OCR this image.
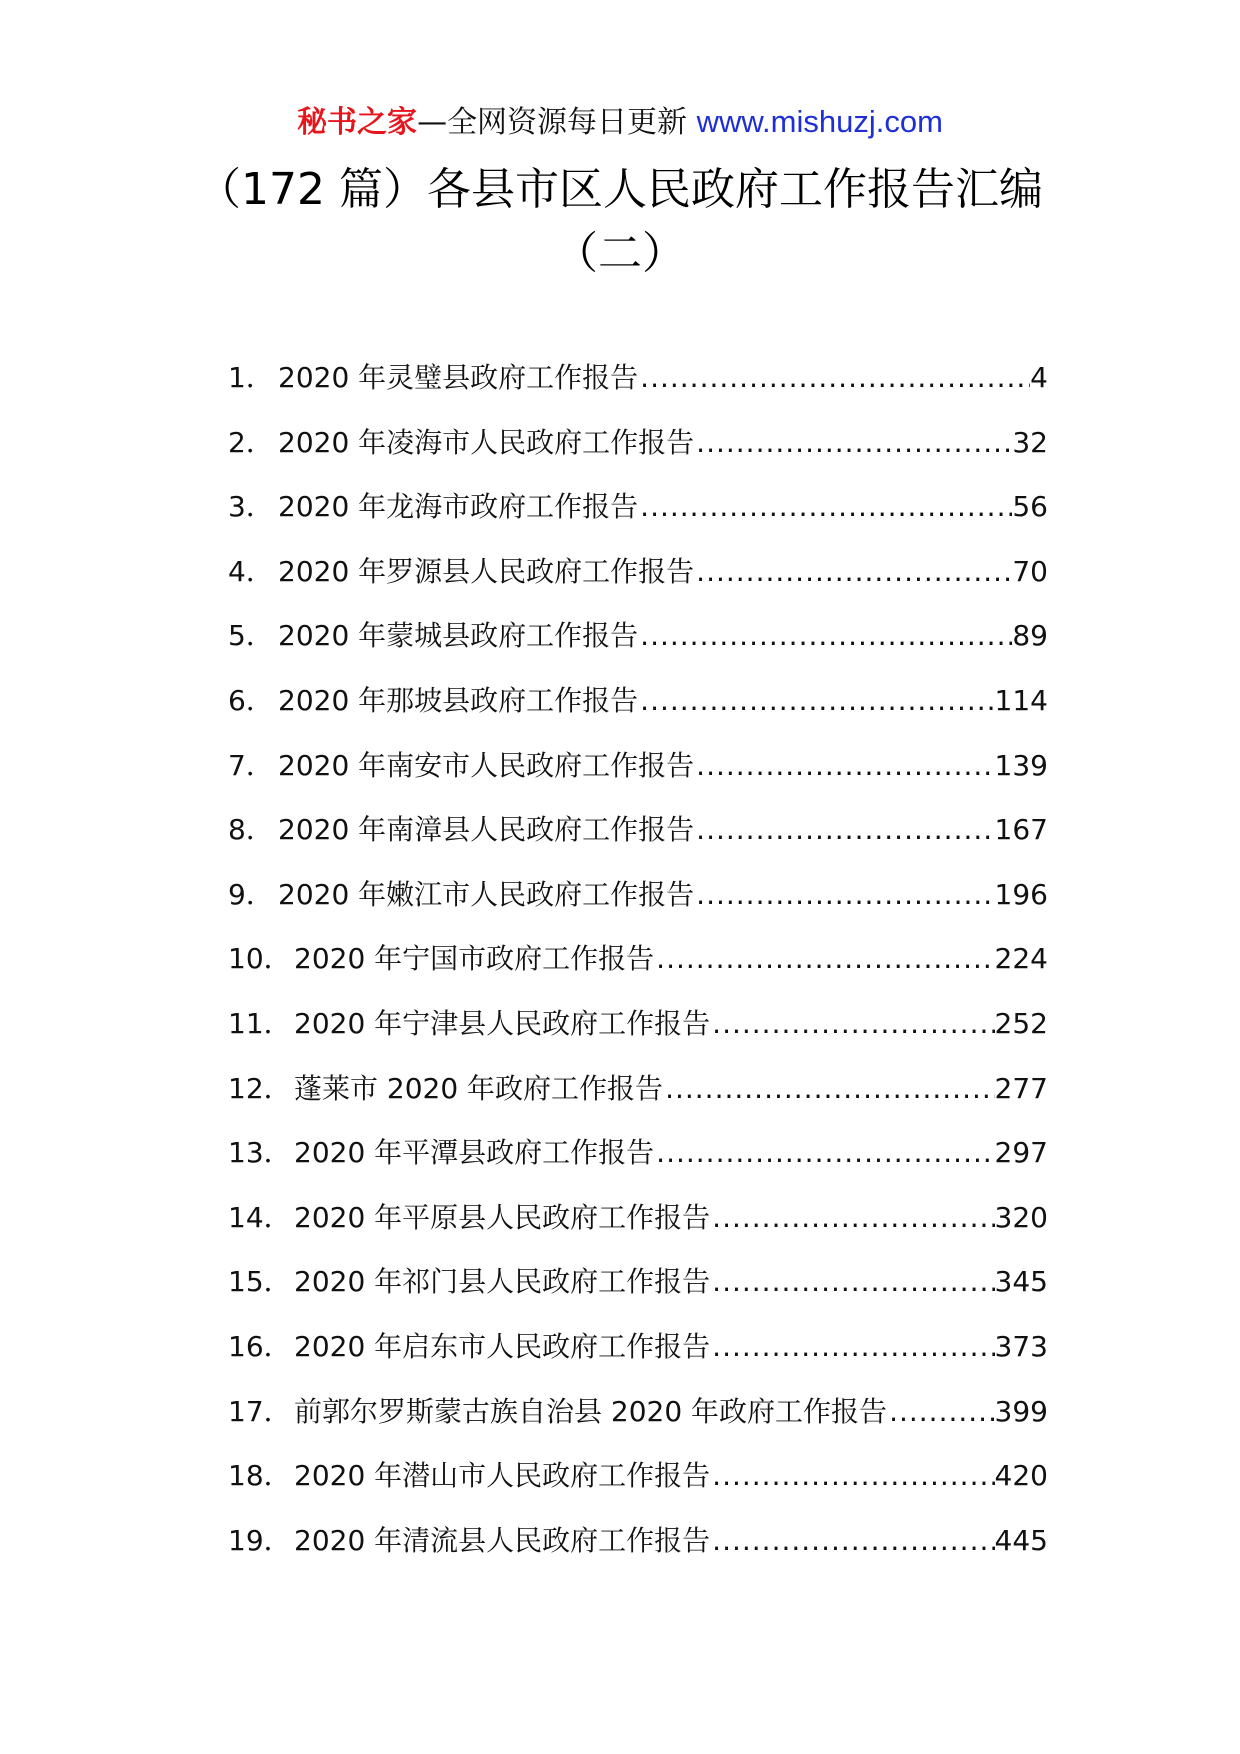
秘书之家—全网资源每日更新 www.mishuzj.com
（172 篇）各县市区人民政府工作报告汇编（二）
1． 2020 年灵璧县政府工作报告 .....	4
2． 2020 年凌海市人民政府工作报告 .....	32
3． 2020 年龙海市政府工作报告 .....	56
4． 2020 年罗源县人民政府工作报告 .....	70
5． 2020 年蒙城县政府工作报告 .....	89
6． 2020 年那坡县政府工作报告 .....	114
7． 2020 年南安市人民政府工作报告 .....	139
8． 2020 年南漳县人民政府工作报告 .....	167
9． 2020 年嫩江市人民政府工作报告 .....	196
10． 2020 年宁国市政府工作报告 .....	224
11． 2020 年宁津县人民政府工作报告 .....	252
12． 蓬莱市 2020 年政府工作报告 .....	277
13． 2020 年平潭县政府工作报告 .....	297
14． 2020 年平原县人民政府工作报告 .....	320
15． 2020 年祁门县人民政府工作报告 .....	345
16． 2020 年启东市人民政府工作报告 .....	373
17． 前郭尔罗斯蒙古族自治县 2020 年政府工作报告 .....	399
18． 2020 年潜山市人民政府工作报告 .....	420
19． 2020 年清流县人民政府工作报告 .....	445
